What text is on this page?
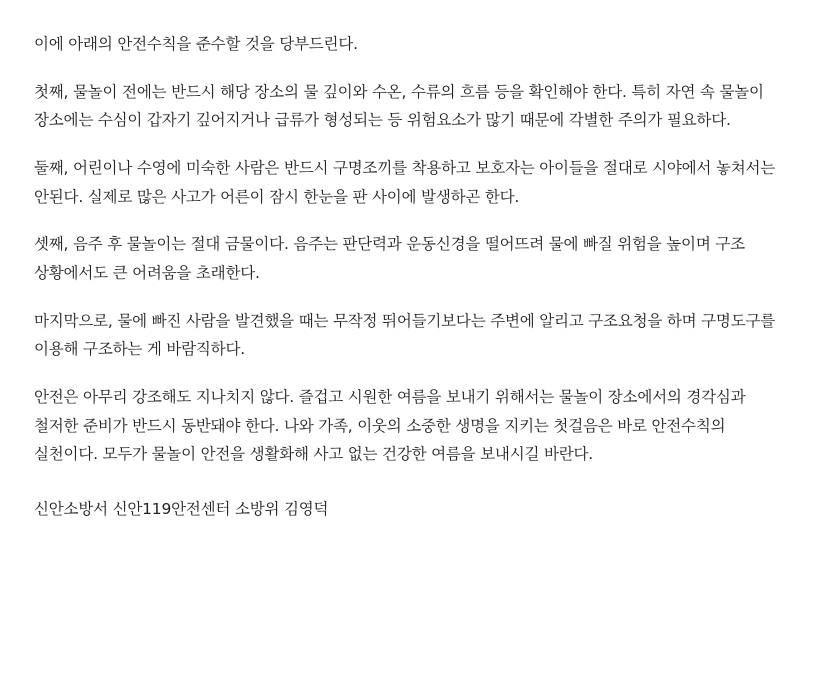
이에 아래의 안전수칙을 준수할 것을 당부드린다.

첫째, 물놀이 전에는 반드시 해당 장소의 물 깊이와 수온, 수류의 흐름 등을 확인해야 한다. 특히 자연 속 물놀이 장소에는 수심이 갑자기 깊어지거나 급류가 형성되는 등 위험요소가 많기 때문에 각별한 주의가 필요하다.

둘째, 어린이나 수영에 미숙한 사람은 반드시 구명조끼를 착용하고 보호자는 아이들을 절대로 시야에서 놓쳐서는 안된다. 실제로 많은 사고가 어른이 잠시 한눈을 판 사이에 발생하곤 한다.

셋째, 음주 후 물놀이는 절대 금물이다. 음주는 판단력과 운동신경을 떨어뜨려 물에 빠질 위험을 높이며 구조 상황에서도 큰 어려움을 초래한다.

마지막으로, 물에 빠진 사람을 발견했을 때는 무작정 뛰어들기보다는 주변에 알리고 구조요청을 하며 구명도구를 이용해 구조하는 게 바람직하다.

안전은 아무리 강조해도 지나치지 않다. 즐겁고 시원한 여름을 보내기 위해서는 물놀이 장소에서의 경각심과 철저한 준비가 반드시 동반돼야 한다. 나와 가족, 이웃의 소중한 생명을 지키는 첫걸음은 바로 안전수칙의 실천이다. 모두가 물놀이 안전을 생활화해 사고 없는 건강한 여름을 보내시길 바란다.

신안소방서 신안119안전센터 소방위 김영덕
